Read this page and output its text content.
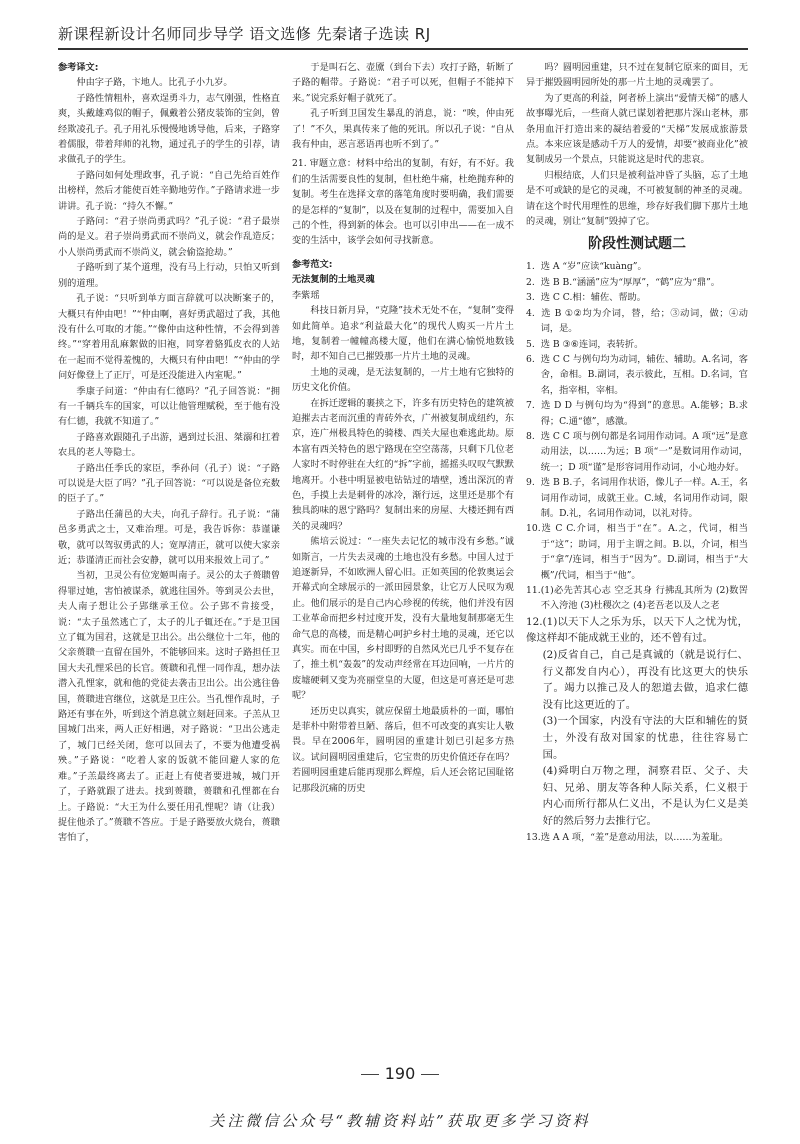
新课程新设计名师同步导学 语文选修 先秦诸子选读 RJ

参考译文:

仲由字子路，卞地人。比孔子小九岁。

子路性情粗朴，喜欢逞勇斗力，志气刚强，性格直爽，头戴雄鸡似的帽子，佩戴着公猪皮装饰的宝剑，曾经欺凌孔子。孔子用礼乐慢慢地诱导他，后来，子路穿着儒服，带着拜师的礼物，通过孔子的学生的引荐，请求做孔子的学生。

子路问如何处理政事，孔子说：“自己先给百姓作出榜样，然后才能使百姓辛勤地劳作。”子路请求进一步讲讲。孔子说：“持久不懈。”

子路问：“君子崇尚勇武吗？”孔子说：“君子最崇尚的是义。君子崇尚勇武而不崇尚义，就会作乱造反；小人崇尚勇武而不崇尚义，就会偷盗抢劫。”

子路听到了某个道理，没有马上行动，只怕又听到别的道理。

孔子说：“只听到单方面言辞就可以决断案子的，大概只有仲由吧！”“仲由啊，喜好勇武超过了我，其他没有什么可取的才能。”“像仲由这种性情，不会得到善终。”“穿着用乱麻絮做的旧袍，同穿着貉狐皮衣的人站在一起而不觉得羞愧的，大概只有仲由吧！”“仲由的学问好像登上了正厅，可是还没能进入内室呢。”

季康子问道：“仲由有仁德吗？”孔子回答说：“拥有一千辆兵车的国家，可以让他管理赋税，至于他有没有仁德，我就不知道了。”

子路喜欢跟随孔子出游，遇到过长沮、桀溺和扛着农具的老人等隐士。

子路出任季氏的家臣，季孙问（孔子）说：“子路可以说是大臣了吗？”孔子回答说：“可以说是备位充数的臣子了。”

子路出任蒲邑的大夫，向孔子辞行。孔子说：“蒲邑多勇武之士，又难治理。可是，我告诉你：恭谨谦敬，就可以驾驭勇武的人；宽厚清正，就可以使大家亲近；恭谨清正而社会安静，就可以用来报效上司了。”

当初，卫灵公有位宠姬叫南子。灵公的太子蒉聩曾得罪过她，害怕被谋杀，就逃往国外。等到灵公去世，夫人南子想让公子郢继承王位。公子郢不肯接受，说：“太子虽然逃亡了，太子的儿子辄还在。”于是卫国立了辄为国君，这就是卫出公。出公继位十二年，他的父亲蒉聩一直留在国外，不能够回来。这时子路担任卫国大夫孔悝采邑的长官。蒉聩和孔悝一同作乱，想办法潜入孔悝家，就和他的党徒去袭击卫出公。出公逃往鲁国，蒉聩进宫继位，这就是卫庄公。当孔悝作乱时，子路还有事在外，听到这个消息就立刻赶回来。子羔从卫国城门出来，两人正好相遇，对子路说：“卫出公逃走了，城门已经关闭，您可以回去了，不要为他遭受祸殃。”子路说：“吃着人家的饭就不能回避人家的危难。”子羔最终离去了。正赶上有使者要进城，城门开了，子路就跟了进去。找到蒉聩，蒉聩和孔悝都在台上。子路说：“大王为什么要任用孔悝呢？请（让我）捉住他杀了。”蒉聩不答应。于是子路要放火烧台，蒉聩害怕了，

于是叫石乞、壶黡（到台下去）攻打子路，斩断了子路的帽带。子路说：“君子可以死，但帽子不能掉下来。”说完系好帽子就死了。

孔子听到卫国发生暴乱的消息，说：“唉，仲由死了！”不久，果真传来了他的死讯。所以孔子说：“自从我有仲由，恶言恶语再也听不到了。”

21. 审题立意：材料中给出的复制，有好，有不好。我们的生活需要良性的复制，但杜绝牛痛，杜绝抛弃种的复制。考生在选择文章的落笔角度时要明确，我们需要的是怎样的“复制”，以及在复制的过程中，需要加入自己的个性，得到新的体会。也可以引申出——在一成不变的生活中，该学会如何寻找新意。

参考范文:

无法复制的土地灵魂

李紫瑶

科技日新月异，“克隆”技术无处不在，“复制”变得如此简单。追求“利益最大化”的现代人购买一片片土地，复制着一幢幢高楼大厦，他们在满心愉悦地数钱时，却不知自己已摧毁那一片片土地的灵魂。

土地的灵魂，是无法复制的，一片土地有它独特的历史文化价值。

在拆迁逻辑的裹挟之下，许多有历史特色的建筑被迫摧去古老而沉重的青砖外衣，广州被复制成纽约，东京，连广州极具特色的骑楼、西关大屋也难逃此劫。原本富有西关特色的恩宁路现在空空荡荡，只剩下几位老人家时不时停驻在大红的“拆”字前，摇摇头叹叹气默默地离开。小巷中明显被电钻钻过的墙壁，透出深沉的青色，手摸上去是刺骨的冰冷，渐行远，这里还是那个有独具韵味的恩宁路吗？复制出来的房屋、大楼还拥有西关的灵魂吗？

熊培云说过：“一座失去记忆的城市没有乡愁。”诚如斯言，一片失去灵魂的土地也没有乡愁。中国人过于追逐新异，不如欧洲人留心旧。正如英国的伦敦奥运会开幕式向全球展示的一派田园景象，让它万人民叹为观止。他们展示的是自己内心珍视的传统，他们并没有因工业革命而把乡村过度开发，没有大量地复制那毫无生命气息的高楼，而是精心呵护乡村土地的灵魂，还它以真实。而在中国，乡村即野的自然风光已几乎不复存在了，推土机“轰轰”的发动声经常在耳边回响，一片片的废墟硬刺又变为亮丽堂皇的大厦，但这是可喜还是可悲呢？

还历史以真实，就应保留土地最质朴的一面，哪怕是菲朴中附带着旦陋、落后，但不可改变的真实让人敬畏。早在2006年，圆明园的重建计划已引起多方热议。试问圆明园重建后，它宝贵的历史价值还存在吗？若圆明园重建后能再现那么辉煌，后人还会铭记国耻铭记那段沉痛的历史

吗？圆明园重建，只不过在复制它原来的面目，无异于摧毁圆明园所处的那一片土地的灵魂罢了。

为了更高的利益，阿者桥上演出“爱情天梯”的感人故事曝光后，一些商人就已谋划着把那片深山老林，那条用血汗打造出来的凝结着爱的“天梯”发展成旅游景点。本来应该是感动千万人的爱情，却要“被商业化”被复制成另一个景点，只能说这是时代的悲哀。

归根结底，人们只是被利益冲昏了头脑，忘了土地是不可或缺的是它的灵魂，不可被复制的神圣的灵魂。请在这个时代用理性的思维，珍存好我们脚下那片土地的灵魂，别让“复制”毁掉了它。

阶段性测试题二

1. 选 A “岁”应读“kuàng”。

2. 选 B B.“涵涵”应为“厚厚”，“鹤”应为“鼎”。

3. 选 C C.相：辅佐、帮助。

4. 选 B ①②均为介词，替，给；③动词，做；④动词，是。

5. 选 B ③⑥连词，表转折。

6. 选 C C 与例句均为动词，辅佐、辅助。A.名词，客舍，命相。B.副词，表示彼此，互相。D.名词，官名，指宰相，宰相。

7. 选 D D 与例句均为“得到”的意思。A.能够；B.求得；C.通“德”，感激。

8. 选 C C 项与例句都是名词用作动词。A 项“远”是意动用法，以……为远；B 项“一”是数词用作动词，统一；D 项“谨”是形容词用作动词，小心地办好。

9. 选 B B.子，名词用作状语，像儿子一样。A.王，名词用作动词，成就王业。C.域，名词用作动词，限制。D.礼，名词用作动词，以礼对待。

10.选 C C.介词，相当于“在”。A.之，代词，相当于“这”；助词，用于主谓之间。B.以，介词，相当于“拿”/连词，相当于“因为”。D.副词，相当于“大概”/代词，相当于“他”。

11.(1)必先苦其心志 空乏其身 行拂乱其所为 (2)数罟不入洿池 (3)杜稷次之 (4)老吾老以及人之老

12.(1)以天下人之乐为乐，以天下人之忧为忧，像这样却不能成就王业的，还不曾有过。

(2)反省自己，自己是真诚的（就是说行仁、行义都发自内心），再没有比这更大的快乐了。竭力以推己及人的恕道去做，追求仁德没有比这更近的了。

(3)一个国家，内没有守法的大臣和辅佐的贤士，外没有敌对国家的忧患，往往容易亡国。

(4)舜明白万物之理，洞察君臣、父子、夫妇、兄弟、朋友等各种人际关系，仁义根于内心而所行都从仁义出，不是认为仁义是美好的然后努力去推行它。

13.选 A A 项，“羞”是意动用法，以……为羞耻。

190
关注微信公众号“教辅资料站”获取更多学习资料
